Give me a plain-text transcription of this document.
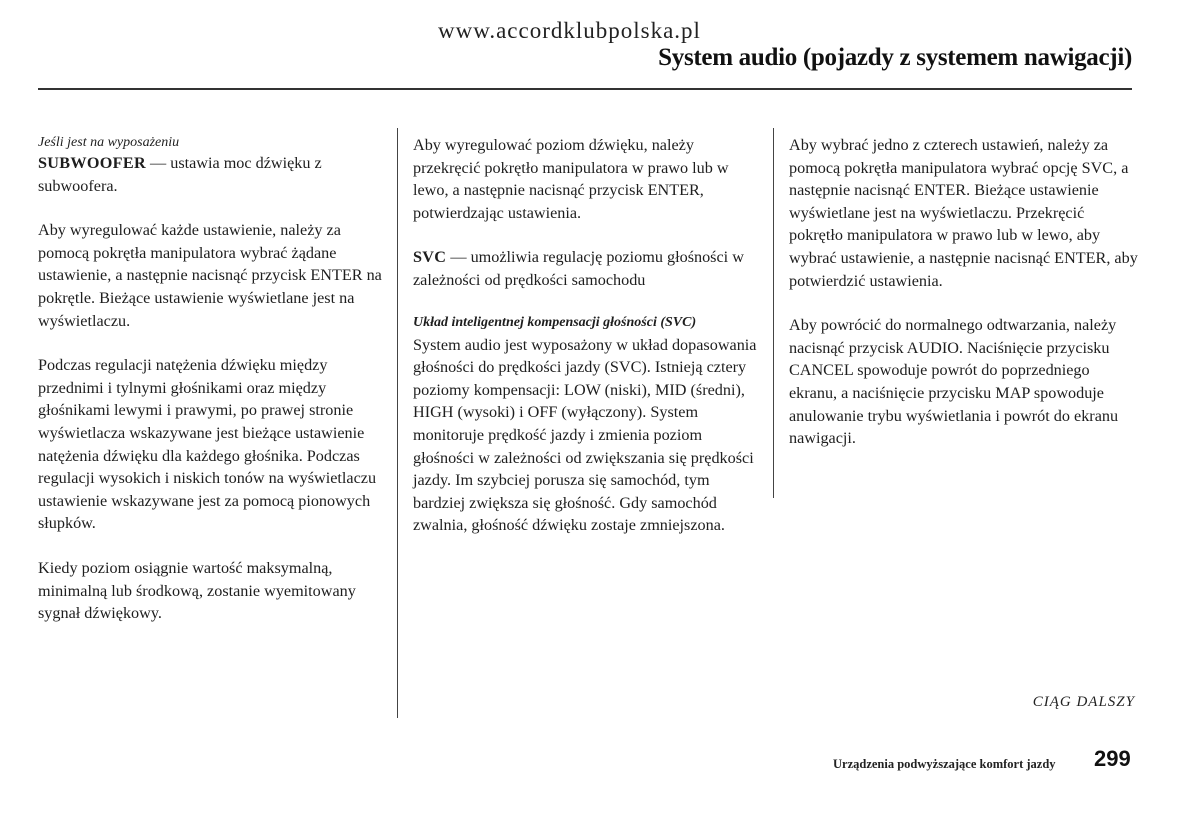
www.accordklubpolska.pl
System audio (pojazdy z systemem nawigacji)
Jeśli jest na wyposażeniu

SUBWOOFER — ustawia moc dźwięku z subwoofera.

Aby wyregulować każde ustawienie, należy za pomocą pokrętła manipulatora wybrać żądane ustawienie, a następnie nacisnąć przycisk ENTER na pokrętle. Bieżące ustawienie wyświetlane jest na wyświetlaczu.

Podczas regulacji natężenia dźwięku między przednimi i tylnymi głośnikami oraz między głośnikami lewymi i prawymi, po prawej stronie wyświetlacza wskazywane jest bieżące ustawienie natężenia dźwięku dla każdego głośnika. Podczas regulacji wysokich i niskich tonów na wyświetlaczu ustawienie wskazywane jest za pomocą pionowych słupków.

Kiedy poziom osiągnie wartość maksymalną, minimalną lub środkową, zostanie wyemitowany sygnał dźwiękowy.

Aby wyregulować poziom dźwięku, należy przekręcić pokrętło manipulatora w prawo lub w lewo, a następnie nacisnąć przycisk ENTER, potwierdzając ustawienia.

SVC — umożliwia regulację poziomu głośności w zależności od prędkości samochodu

Układ inteligentnej kompensacji głośności (SVC)

System audio jest wyposażony w układ dopasowania głośności do prędkości jazdy (SVC). Istnieją cztery poziomy kompensacji: LOW (niski), MID (średni), HIGH (wysoki) i OFF (wyłączony). System monitoruje prędkość jazdy i zmienia poziom głośności w zależności od zwiększania się prędkości jazdy. Im szybciej porusza się samochód, tym bardziej zwiększa się głośność. Gdy samochód zwalnia, głośność dźwięku zostaje zmniejszona.

Aby wybrać jedno z czterech ustawień, należy za pomocą pokrętła manipulatora wybrać opcję SVC, a następnie nacisnąć ENTER. Bieżące ustawienie wyświetlane jest na wyświetlaczu. Przekręcić pokrętło manipulatora w prawo lub w lewo, aby wybrać ustawienie, a następnie nacisnąć ENTER, aby potwierdzić ustawienia.

Aby powrócić do normalnego odtwarzania, należy nacisnąć przycisk AUDIO. Naciśnięcie przycisku CANCEL spowoduje powrót do poprzedniego ekranu, a naciśnięcie przycisku MAP spowoduje anulowanie trybu wyświetlania i powrót do ekranu nawigacji.

CIĄG DALSZY
Urządzenia podwyższające komfort jazdy 299
